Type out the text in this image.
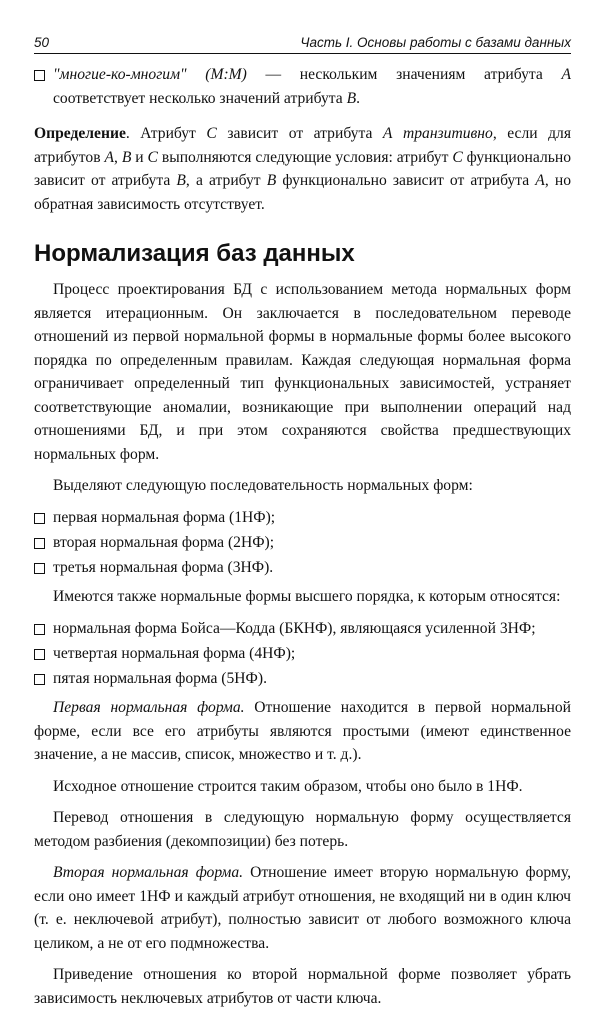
50	Часть I. Основы работы с базами данных
"многие-ко-многим" (М:М) — нескольким значениям атрибута А соответствует несколько значений атрибута В.

Определение. Атрибут С зависит от атрибута А транзитивно, если для атрибутов А, В и С выполняются следующие условия: атрибут С функционально зависит от атрибута В, а атрибут В функционально зависит от атрибута А, но обратная зависимость отсутствует.

Нормализация баз данных

Процесс проектирования БД с использованием метода нормальных форм является итерационным. Он заключается в последовательном переводе отношений из первой нормальной формы в нормальные формы более высокого порядка по определенным правилам. Каждая следующая нормальная форма ограничивает определенный тип функциональных зависимостей, устраняет соответствующие аномалии, возникающие при выполнении операций над отношениями БД, и при этом сохраняются свойства предшествующих нормальных форм.

Выделяют следующую последовательность нормальных форм:

первая нормальная форма (1НФ);
вторая нормальная форма (2НФ);
третья нормальная форма (3НФ).

Имеются также нормальные формы высшего порядка, к которым относятся:

нормальная форма Бойса—Кодда (БКНФ), являющаяся усиленной 3НФ;
четвертая нормальная форма (4НФ);
пятая нормальная форма (5НФ).

Первая нормальная форма. Отношение находится в первой нормальной форме, если все его атрибуты являются простыми (имеют единственное значение, а не массив, список, множество и т. д.).

Исходное отношение строится таким образом, чтобы оно было в 1НФ.

Перевод отношения в следующую нормальную форму осуществляется методом разбиения (декомпозиции) без потерь.

Вторая нормальная форма. Отношение имеет вторую нормальную форму, если оно имеет 1НФ и каждый атрибут отношения, не входящий ни в один ключ (т. е. неключевой атрибут), полностью зависит от любого возможного ключа целиком, а не от его подмножества.

Приведение отношения ко второй нормальной форме позволяет убрать зависимость неключевых атрибутов от части ключа.
